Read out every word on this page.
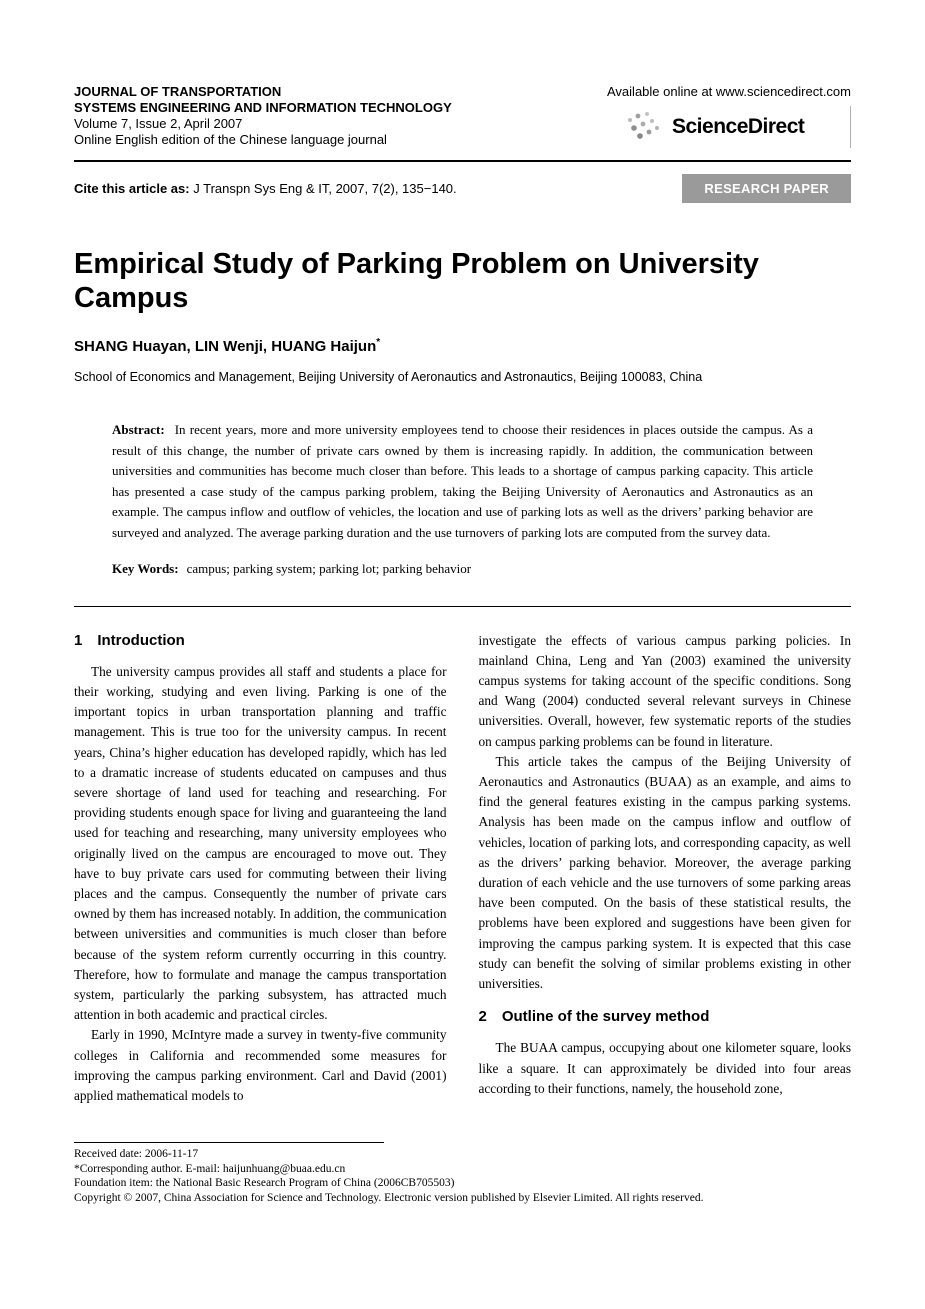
JOURNAL OF TRANSPORTATION
SYSTEMS ENGINEERING AND INFORMATION TECHNOLOGY
Volume 7, Issue 2, April 2007
Online English edition of the Chinese language journal
Available online at www.sciencedirect.com
ScienceDirect
Cite this article as: J Transpn Sys Eng & IT, 2007, 7(2), 135−140.	RESEARCH PAPER
Empirical Study of Parking Problem on University Campus
SHANG Huayan, LIN Wenji, HUANG Haijun*
School of Economics and Management, Beijing University of Aeronautics and Astronautics, Beijing 100083, China

Abstract: In recent years, more and more university employees tend to choose their residences in places outside the campus. As a result of this change, the number of private cars owned by them is increasing rapidly. In addition, the communication between universities and communities has become much closer than before. This leads to a shortage of campus parking capacity. This article has presented a case study of the campus parking problem, taking the Beijing University of Aeronautics and Astronautics as an example. The campus inflow and outflow of vehicles, the location and use of parking lots as well as the drivers’ parking behavior are surveyed and analyzed. The average parking duration and the use turnovers of parking lots are computed from the survey data.

Key Words: campus; parking system; parking lot; parking behavior

1 Introduction

The university campus provides all staff and students a place for their working, studying and even living. Parking is one of the important topics in urban transportation planning and traffic management. This is true too for the university campus. In recent years, China’s higher education has developed rapidly, which has led to a dramatic increase of students educated on campuses and thus severe shortage of land used for teaching and researching. For providing students enough space for living and guaranteeing the land used for teaching and researching, many university employees who originally lived on the campus are encouraged to move out. They have to buy private cars used for commuting between their living places and the campus. Consequently the number of private cars owned by them has increased notably. In addition, the communication between universities and communities is much closer than before because of the system reform currently occurring in this country. Therefore, how to formulate and manage the campus transportation system, particularly the parking subsystem, has attracted much attention in both academic and practical circles.

Early in 1990, McIntyre made a survey in twenty-five community colleges in California and recommended some measures for improving the campus parking environment. Carl and David (2001) applied mathematical models to

investigate the effects of various campus parking policies. In mainland China, Leng and Yan (2003) examined the university campus systems for taking account of the specific conditions. Song and Wang (2004) conducted several relevant surveys in Chinese universities. Overall, however, few systematic reports of the studies on campus parking problems can be found in literature.

This article takes the campus of the Beijing University of Aeronautics and Astronautics (BUAA) as an example, and aims to find the general features existing in the campus parking systems. Analysis has been made on the campus inflow and outflow of vehicles, location of parking lots, and corresponding capacity, as well as the drivers’ parking behavior. Moreover, the average parking duration of each vehicle and the use turnovers of some parking areas have been computed. On the basis of these statistical results, the problems have been explored and suggestions have been given for improving the campus parking system. It is expected that this case study can benefit the solving of similar problems existing in other universities.

2 Outline of the survey method

The BUAA campus, occupying about one kilometer square, looks like a square. It can approximately be divided into four areas according to their functions, namely, the household zone,

Received date: 2006-11-17
*Corresponding author. E-mail: haijunhuang@buaa.edu.cn
Foundation item: the National Basic Research Program of China (2006CB705503)
Copyright © 2007, China Association for Science and Technology. Electronic version published by Elsevier Limited. All rights reserved.
